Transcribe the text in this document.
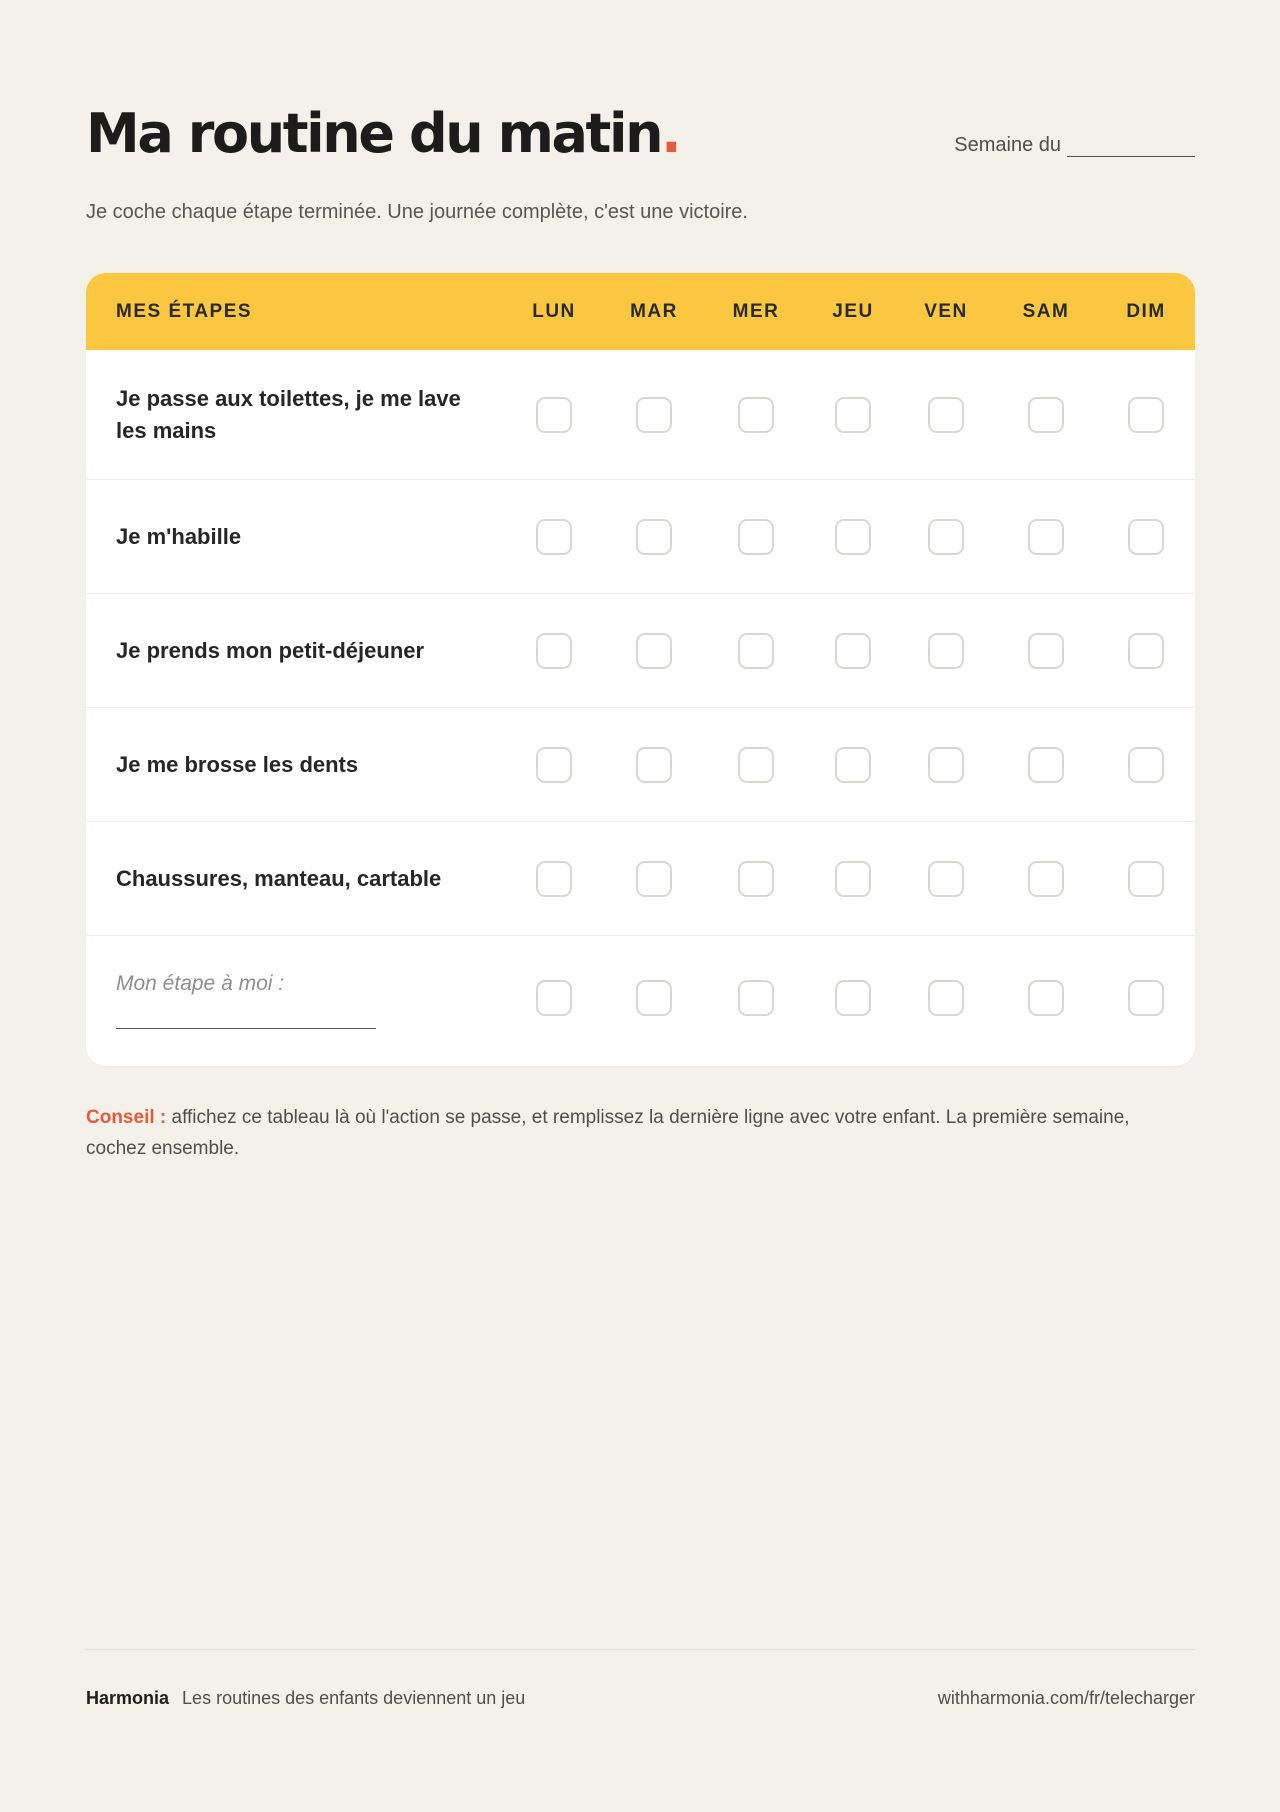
Ma routine du matin.	Semaine du

Je coche chaque étape terminée. Une journée complète, c'est une victoire.

MES ÉTAPES	LUN	MAR	MER	JEU	VEN	SAM	DIM
Je passe aux toilettes, je me lave les mains
Je m'habille
Je prends mon petit-déjeuner
Je me brosse les dents
Chaussures, manteau, cartable
Mon étape à moi :

Conseil : affichez ce tableau là où l'action se passe, et remplissez la dernière ligne avec votre enfant. La première semaine, cochez ensemble.

Harmonia Les routines des enfants deviennent un jeu	withharmonia.com/fr/telecharger
